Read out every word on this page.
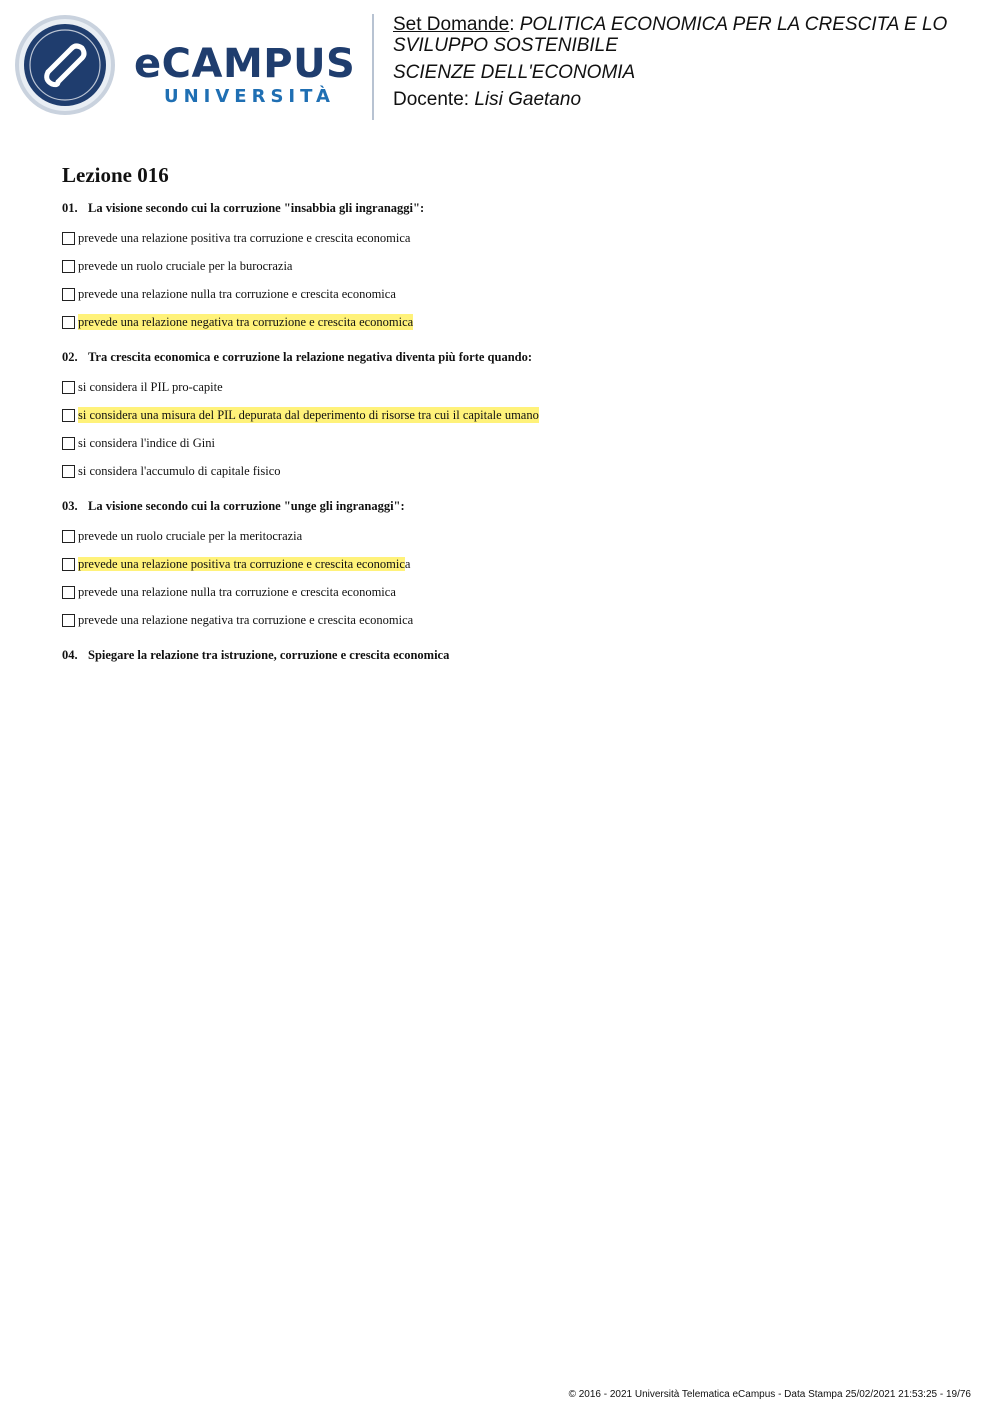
eCAMPUS
UNIVERSITÀ
Set Domande: POLITICA ECONOMICA PER LA CRESCITA E LO SVILUPPO SOSTENIBILE
SCIENZE DELL'ECONOMIA
Docente: Lisi Gaetano
Lezione 016
01. La visione secondo cui la corruzione "insabbia gli ingranaggi":
prevede una relazione positiva tra corruzione e crescita economica
prevede un ruolo cruciale per la burocrazia
prevede una relazione nulla tra corruzione e crescita economica
prevede una relazione negativa tra corruzione e crescita economica
02. Tra crescita economica e corruzione la relazione negativa diventa più forte quando:
si considera il PIL pro-capite
si considera una misura del PIL depurata dal deperimento di risorse tra cui il capitale umano
si considera l'indice di Gini
si considera l'accumulo di capitale fisico
03. La visione secondo cui la corruzione "unge gli ingranaggi":
prevede un ruolo cruciale per la meritocrazia
prevede una relazione positiva tra corruzione e crescita economica
prevede una relazione nulla tra corruzione e crescita economica
prevede una relazione negativa tra corruzione e crescita economica
04. Spiegare la relazione tra istruzione, corruzione e crescita economica
© 2016 - 2021 Università Telematica eCampus - Data Stampa 25/02/2021 21:53:25 - 19/76
